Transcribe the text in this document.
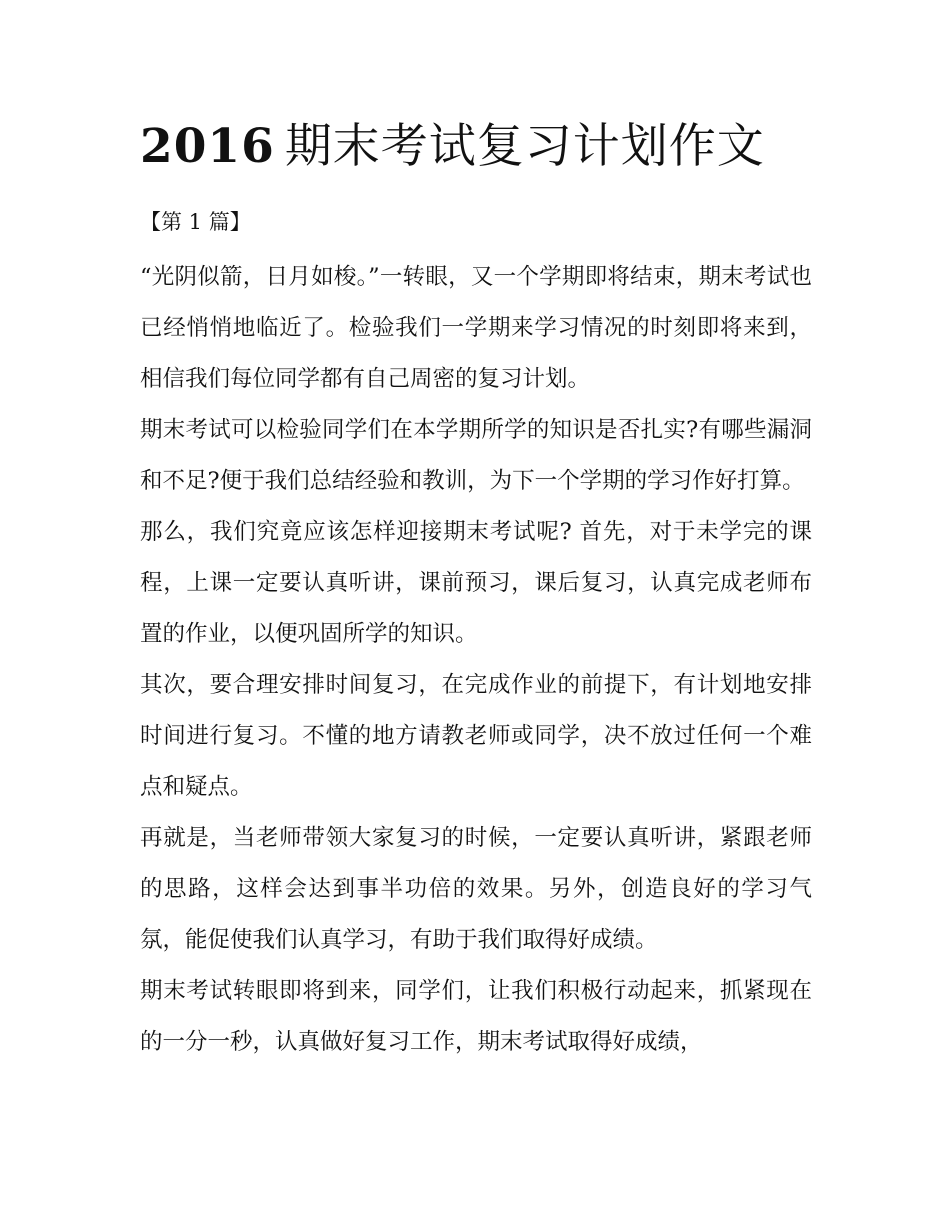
2016 期末考试复习计划作文

【第 1 篇】

“光阴似箭，日月如梭。”一转眼，又一个学期即将结束，期末考试也已经悄悄地临近了。检验我们一学期来学习情况的时刻即将来到，相信我们每位同学都有自己周密的复习计划。

期末考试可以检验同学们在本学期所学的知识是否扎实?有哪些漏洞和不足?便于我们总结经验和教训，为下一个学期的学习作好打算。

那么，我们究竟应该怎样迎接期末考试呢? 首先，对于未学完的课程，上课一定要认真听讲，课前预习，课后复习，认真完成老师布置的作业，以便巩固所学的知识。

其次，要合理安排时间复习，在完成作业的前提下，有计划地安排时间进行复习。不懂的地方请教老师或同学，决不放过任何一个难点和疑点。

再就是，当老师带领大家复习的时候，一定要认真听讲，紧跟老师的思路，这样会达到事半功倍的效果。另外，创造良好的学习气氛，能促使我们认真学习，有助于我们取得好成绩。

期末考试转眼即将到来，同学们，让我们积极行动起来，抓紧现在的一分一秒，认真做好复习工作，期末考试取得好成绩，
